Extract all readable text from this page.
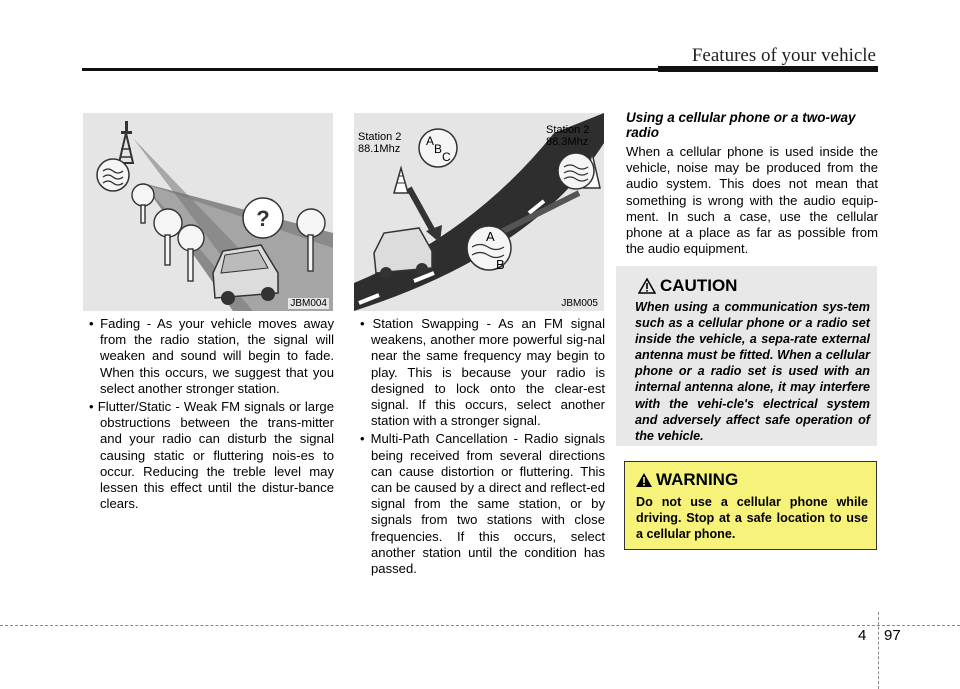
Features of your vehicle
?
JBM004
Station 2 88.1Mhz
Station 2 88.3Mhz
A
B
C
A
B
JBM005

• Fading - As your vehicle moves away from the radio station, the signal will weaken and sound will begin to fade. When this occurs, we suggest that you select another stronger station.

• Flutter/Static - Weak FM signals or large obstructions between the trans-mitter and your radio can disturb the signal causing static or fluttering nois-es to occur. Reducing the treble level may lessen this effect until the distur-bance clears.

• Station Swapping - As an FM signal weakens, another more powerful sig-nal near the same frequency may begin to play. This is because your radio is designed to lock onto the clear-est signal. If this occurs, select another station with a stronger signal.

• Multi-Path Cancellation - Radio signals being received from several directions can cause distortion or fluttering. This can be caused by a direct and reflect-ed signal from the same station, or by signals from two stations with close frequencies. If this occurs, select another station until the condition has passed.

Using a cellular phone or a two-way radio
When a cellular phone is used inside the vehicle, noise may be produced from the audio system. This does not mean that something is wrong with the audio equip-ment. In such a case, use the cellular phone at a place as far as possible from the audio equipment.
CAUTION
When using a communication sys-tem such as a cellular phone or a radio set inside the vehicle, a sepa-rate external antenna must be fitted. When a cellular phone or a radio set is used with an internal antenna alone, it may interfere with the vehi-cle's electrical system and adversely affect safe operation of the vehicle.
WARNING
Do not use a cellular phone while driving. Stop at a safe location to use a cellular phone.
4 97
